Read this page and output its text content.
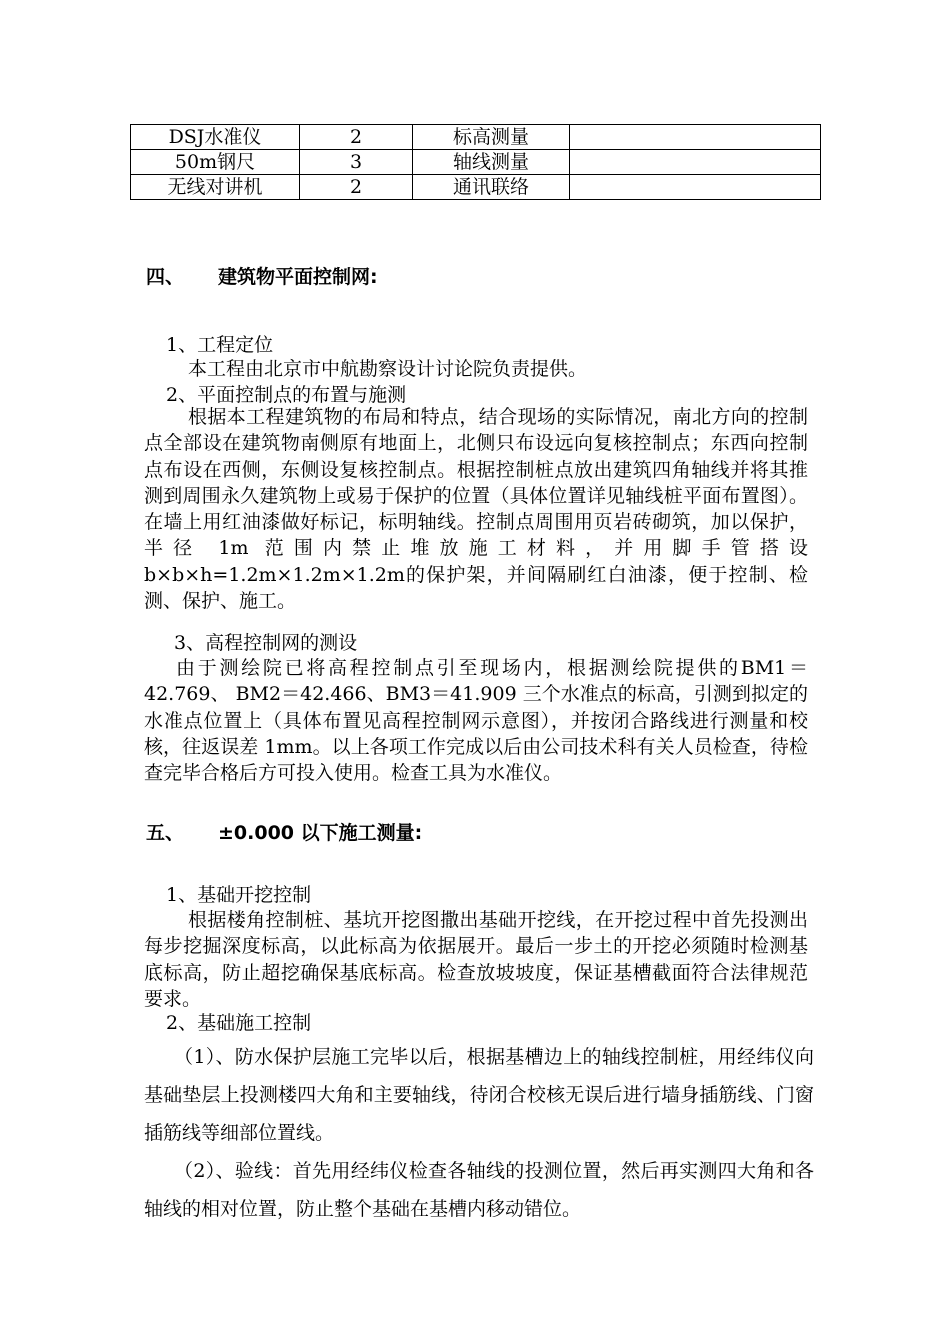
DSJ水准仪	2	标高测量	
50m钢尺	3	轴线测量	
无线对讲机	2	通讯联络	
四、 建筑物平面控制网:
1、工程定位
本工程由北京市中航勘察设计讨论院负责提供。
2、平面控制点的布置与施测
根据本工程建筑物的布局和特点，结合现场的实际情况，南北方向的控制点全部设在建筑物南侧原有地面上，北侧只布设远向复核控制点；东西向控制点布设在西侧，东侧设复核控制点。根据控制桩点放出建筑四角轴线并将其推测到周围永久建筑物上或易于保护的位置（具体位置详见轴线桩平面布置图）。在墙上用红油漆做好标记，标明轴线。控制点周围用页岩砖砌筑，加以保护，半径 1m 范围内禁止堆放施工材料，并用脚手管搭设 b×b×h=1.2m×1.2m×1.2m的保护架，并间隔刷红白油漆，便于控制、检测、保护、施工。
3、高程控制网的测设
由于测绘院已将高程控制点引至现场内，根据测绘院提供的BM1＝42.769、 BM2＝42.466、BM3＝41.909 三个水准点的标高，引测到拟定的水准点位置上（具体布置见高程控制网示意图），并按闭合路线进行测量和校核，往返误差 1mm。以上各项工作完成以后由公司技术科有关人员检查，待检查完毕合格后方可投入使用。检查工具为水准仪。
五、 ±0.000 以下施工测量:
1、基础开挖控制
根据楼角控制桩、基坑开挖图撒出基础开挖线，在开挖过程中首先投测出每步挖掘深度标高，以此标高为依据展开。最后一步土的开挖必须随时检测基底标高，防止超挖确保基底标高。检查放坡坡度，保证基槽截面符合法律规范要求。
2、基础施工控制
（1）、防水保护层施工完毕以后，根据基槽边上的轴线控制桩，用经纬仪向基础垫层上投测楼四大角和主要轴线，待闭合校核无误后进行墙身插筋线、门窗插筋线等细部位置线。
（2）、验线：首先用经纬仪检查各轴线的投测位置，然后再实测四大角和各轴线的相对位置，防止整个基础在基槽内移动错位。
